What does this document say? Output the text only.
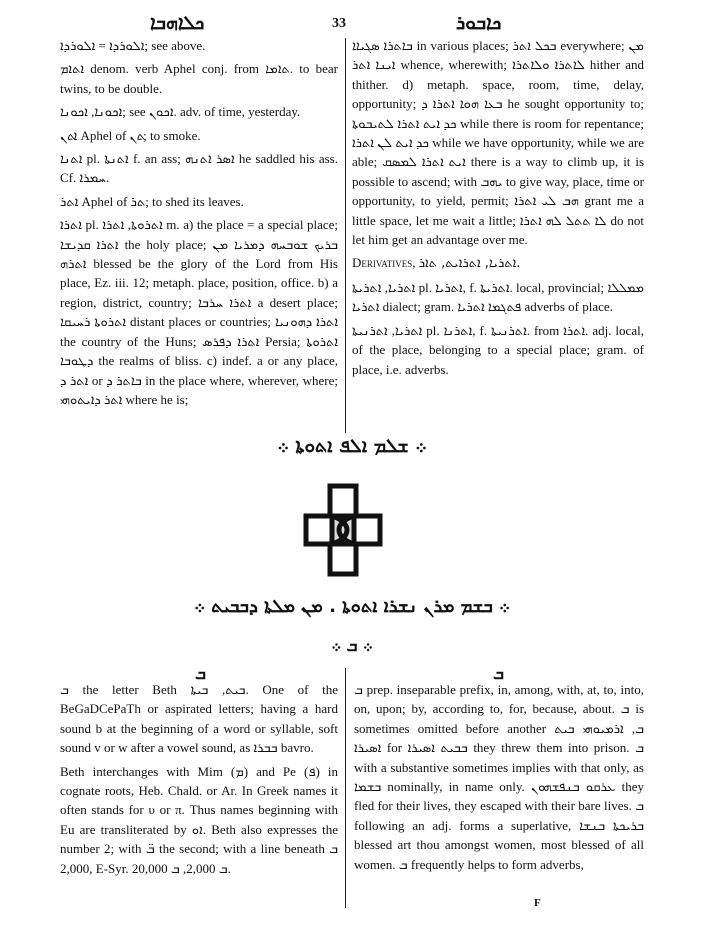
ܟܠܐܗܒܐ	33	ܟܐܒܘܪ

ܐܠܘܪܕܐ = ܐܠܘܪܕܐ; see above.

ܐܬܐܡ denom. verb Aphel conj. from ܬܐܡܐ. to bear twins, to be double.

ܐܟܘܢܐ, ܐܟܘܢܐ; see ܐܟܘܢ. adv. of time, yesterday.

ܐܬܢ Aphel of ܬܢ; to smoke.

ܐܬܢܐ pl. ܐܬܢܬܐ f. an ass; ܐܣܪ ܐܬܢܗ he saddled his ass. Cf. ܚܡܪܐ.

ܐܬܪ Aphel of ܬܪ; to shed its leaves.

ܐܬܪܐ pl. ܐܬܪܘܬܐ, ܐܬܪܐ m. a) the place = a special place; ܐܬܪܐ ܩܕܝܫܐ the holy place; ܒܪܝܟ ܫܘܒܚܗ ܕܡܪܝܐ ܡܢ ܐܬܪܗ blessed be the glory of the Lord from His place, Ez. iii. 12; metaph. place, position, office. b) a region, district, country; ܐܬܪܐ ܚܪܒܐ a desert place; ܐܬܪܘܬܐ ܪܚܝܩܐ distant places or countries; ܐܬܪܐ ܕܗܘܢܝܐ the country of the Huns; ܐܬܪܐ ܕܦܪܣ Persia; ܐܬܪܘܬܐ ܕܛܘܒܐ the realms of bliss. c) indef. a or any place, ܐܬܪ ܕ or ܒܐܬܪ ܕ in the place where, wherever, where; ܐܬܪ ܕܐܝܬܘܗܝ where he is;

ܒܐܬܪܐ ܣܓܝܐܐ in various places; ܒܟܠ ܐܬܪ everywhere; ܡܢ ܐܝܢܐ ܐܬܪ whence, wherewith; ܠܐܬܪܐ ܘܠܐܬܪܐ hither and thither. d) metaph. space, room, time, delay, opportunity; ܒܥܐ ܗܘܐ ܐܬܪܐ ܕ he sought opportunity to; ܟܕ ܐܝܬ ܐܬܪܐ ܠܬܝܒܘܬܐ while there is room for repentance; ܟܕ ܐܝܬ ܠܢ ܐܬܪܐ while we have opportunity, while we are able; ܐܝܬ ܐܬܪܐ ܠܡܣܩ there is a way to climb up, it is possible to ascend; with ܝܗܒ to give way, place, time or opportunity, to yield, permit; ܗܒ ܠܝ ܐܬܪܐ grant me a little space, let me wait a little; ܠܐ ܬܬܠ ܠܗ ܐܬܪܐ do not let him get an advantage over me.

Derivatives, ܐܬܪܝܐ, ܐܬܪܐܝܬ, ܬܐܪ.

ܐܬܪܝܐ, ܐܬܪܝܬܐ pl. ܐܬܪܝܐ, f. ܐܬܪܝܬܐ. local, provincial; ܡܡܠܠܐ ܐܬܪܝܐ dialect; gram. ܦܬܓܡܐ ܐܬܪܝܐ adverbs of place.

ܐܬܪܝܐ, ܐܬܪܢܝܬܐ pl. ܐܬܪܢܐ, f. ܐܬܪܢܝܬܐ. from ܐܬܪܐ. adj. local, of the place, belonging to a special place; gram. of place, i.e. adverbs.

܀ ܫܠܡ ܐܠܦ ܐܬܘܬܐ ܀
܀ ܒܫܡ ܡܪܢ ܢܫܪܐ ܐܬܘܬܐ . ܡܢ ܡܠܬܐ ܕܒܒܝܬ ܀
܀ ܒ ܀
ܒ	ܒ

ܒ the letter Beth ܒܝܬ, ܒܝܬܐ. One of the BeGaDCePaTh or aspirated letters; having a hard sound b at the beginning of a word or syllable, soft sound v or w after a vowel sound, as ܒܒܪܐ bavro.

Beth interchanges with Mim (ܡ) and Pe (ܦ) in cognate roots, Heb. Chald. or Ar. In Greek names it often stands for υ or π. Thus names beginning with Eu are transliterated by ܐܘ. Beth also expresses the number 2; with ܒ̈ the second; with a line beneath ܒ 2,000, E-Syr. ܒ 2,000, ܒ 20,000.

ܒ prep. inseparable prefix, in, among, with, at, to, into, on, upon; by, according to, for, because, about. ܒ is sometimes omitted before another ܒ, ܐܪܡܝܘܗܝ ܒܝܬ ܐܣܝܪܐ for ܒܒܝܬ ܐܣܝܪܐ they threw them into prison. ܒ with a substantive sometimes implies with that only, as ܒܫܡܐ nominally, in name only. ܥܪܩܘ ܒܢܦܫܗܘܢ they fled for their lives, they escaped with their bare lives. ܒ following an adj. forms a superlative, ܒܪܝܟܬܐ ܒܢܫܐ blessed art thou amongst women, most blessed of all women. ܒ frequently helps to form adverbs,

F
